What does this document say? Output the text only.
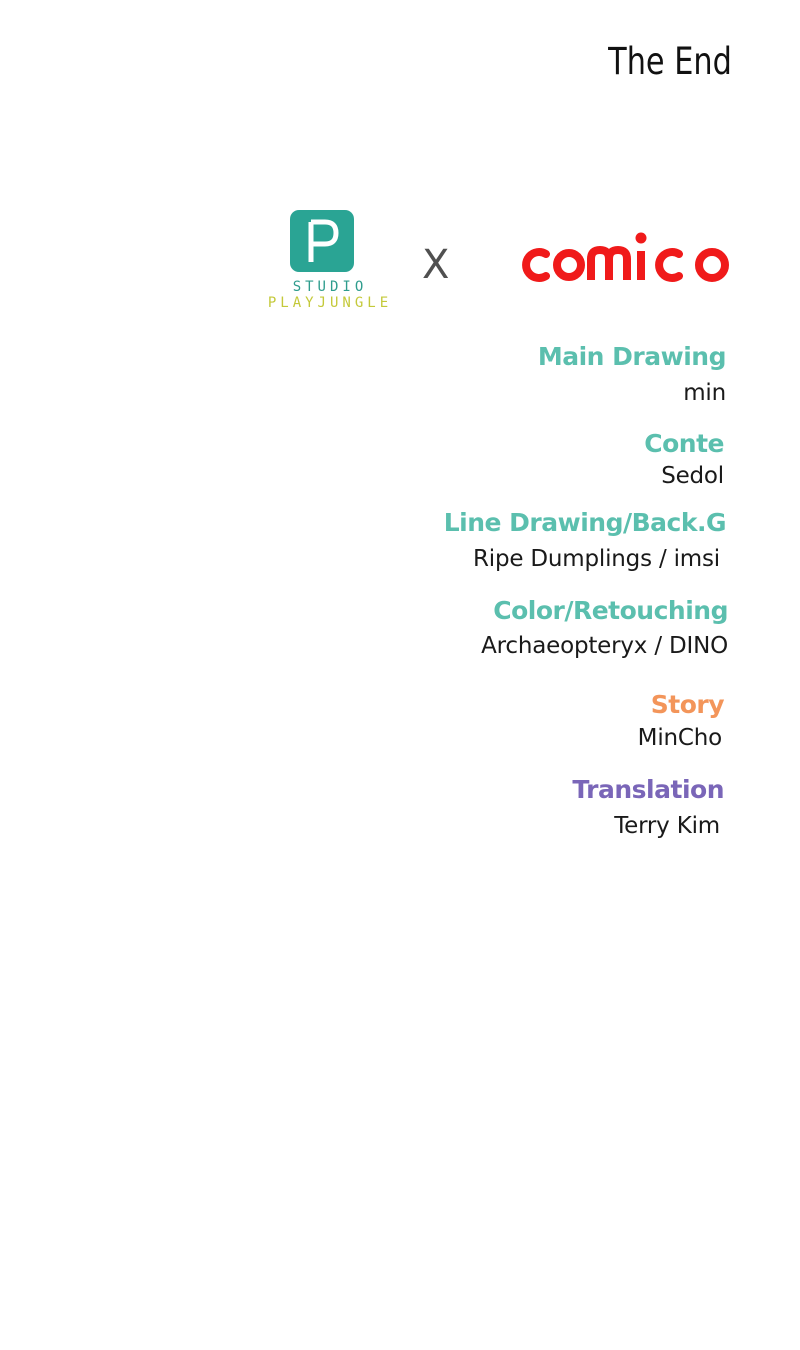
The End
STUDIO
PLAYJUNGLE
X
Main Drawing
min
Conte
Sedol
Line Drawing/Back.G
Ripe Dumplings / imsi
Color/Retouching
Archaeopteryx / DINO
Story
MinCho
Translation
Terry Kim
